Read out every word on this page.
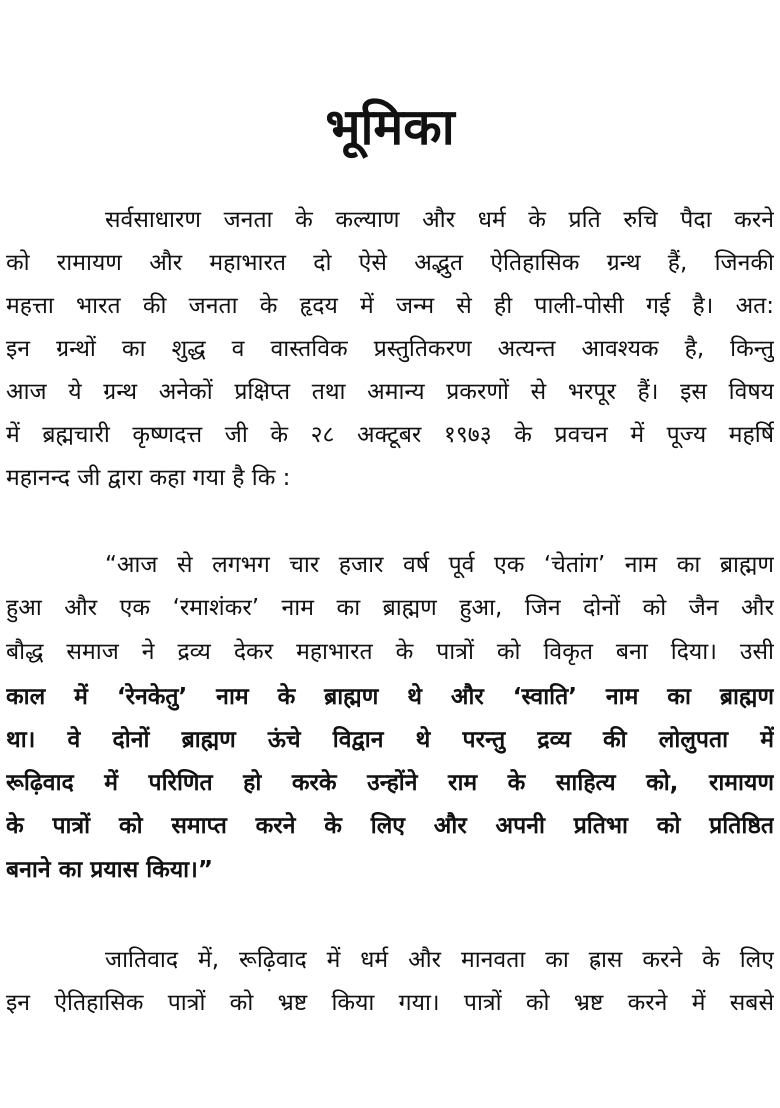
भूमिका
सर्वसाधारण जनता के कल्याण और धर्म के प्रति रुचि पैदा करने
को रामायण और महाभारत दो ऐसे अद्भुत ऐतिहासिक ग्रन्थ हैं, जिनकी
महत्ता भारत की जनता के हृदय में जन्म से ही पाली-पोसी गई है। अत:
इन ग्रन्थों का शुद्ध व वास्तविक प्रस्तुतिकरण अत्यन्त आवश्यक है, किन्तु
आज ये ग्रन्थ अनेकों प्रक्षिप्त तथा अमान्य प्रकरणों से भरपूर हैं। इस विषय
में ब्रह्मचारी कृष्णदत्त जी के २८ अक्टूबर १९७३ के प्रवचन में पूज्य महर्षि
महानन्द जी द्वारा कहा गया है कि :
“आज से लगभग चार हजार वर्ष पूर्व एक ‘चेतांग’ नाम का ब्राह्मण
हुआ और एक ‘रमाशंकर’ नाम का ब्राह्मण हुआ, जिन दोनों को जैन और
बौद्ध समाज ने द्रव्य देकर महाभारत के पात्रों को विकृत बना दिया। उसी
काल में ‘रेनकेतु’ नाम के ब्राह्मण थे और ‘स्वाति’ नाम का ब्राह्मण
था। वे दोनों ब्राह्मण ऊंचे विद्वान थे परन्तु द्रव्य की लोलुपता में
रूढ़िवाद में परिणित हो करके उन्होंने राम के साहित्य को, रामायण
के पात्रों को समाप्त करने के लिए और अपनी प्रतिभा को प्रतिष्ठित
बनाने का प्रयास किया।”
जातिवाद में, रूढ़िवाद में धर्म और मानवता का ह्रास करने के लिए
इन ऐतिहासिक पात्रों को भ्रष्ट किया गया। पात्रों को भ्रष्ट करने में सबसे
